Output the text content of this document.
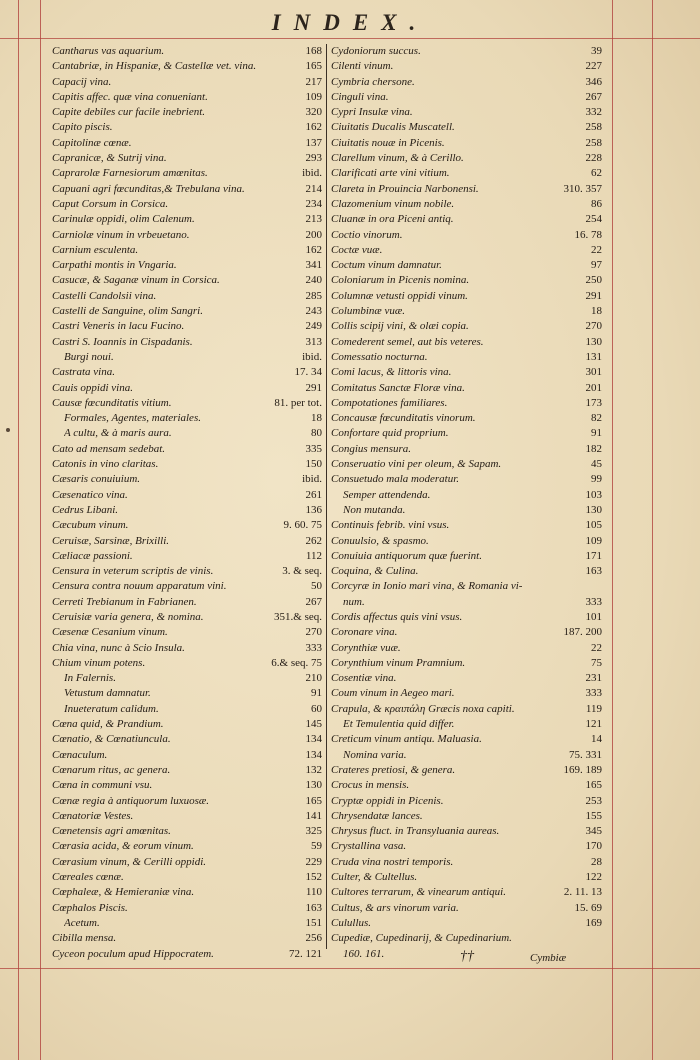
INDEX.
Cantharus vas aquarium.	168
Cantabriæ, in Hispaniæ, & Castellæ vet. vina.	165
Capacij vina.	217
Capitis affec. quæ vina conueniant.	109
Capite debiles cur facile inebrient.	320
Capito piscis.	162
Capitolinæ cœnæ.	137
Capranicæ, & Sutrij vina.	293
Caprarolæ Farnesiorum amœnitas.	ibid.
Capuani agri fœcunditas,& Trebulana vina.	214
Caput Corsum in Corsica.	234
Carinulæ oppidi, olim Calenum.	213
Carniolæ vinum in vrbeuetano.	200
Carnium esculenta.	162
Carpathi montis in Vngaria.	341
Casucæ, & Saganæ vinum in Corsica.	240
Castelli Candolsii vina.	285
Castelli de Sanguine, olim Sangri.	243
Castri Veneris in lacu Fucino.	249
Castri S. Ioannis in Cispadanis.	313
Burgi noui.	ibid.
Castrata vina.	17. 34
Cauis oppidi vina.	291
Causæ fœcunditatis vitium.	81. per tot.
Formales, Agentes, materiales.	18
A cultu, & à maris aura.	80
Cato ad mensam sedebat.	335
Catonis in vino claritas.	150
Cæsaris conuiuium.	ibid.
Cæsenatico vina.	261
Cedrus Libani.	136
Cæcubum vinum.	9. 60. 75
Ceruisæ, Sarsinæ, Brixilli.	262
Cæliacæ passioni.	112
Censura in veterum scriptis de vinis.	3. & seq.
Censura contra nouum apparatum vini.	50
Cerreti Trebianum in Fabrianen.	267
Ceruisiæ varia genera, & nomina.	351.& seq.
Cæsenæ Cesanium vinum.	270
Chia vina, nunc à Scio Insula.	333
Chium vinum potens.	6.& seq. 75
In Falernis.	210
Vetustum damnatur.	91
Inueteratum calidum.	60
Cœna quid, & Prandium.	145
Cœnatio, & Cœnatiuncula.	134
Cœnaculum.	134
Cœnarum ritus, ac genera.	132
Cœna in communi vsu.	130
Cœnæ regia à antiquorum luxuosæ.	165
Cœnatoriæ Vestes.	141
Cœnetensis agri amœnitas.	325
Cœrasia acida, & eorum vinum.	59
Cœrasium vinum, & Cerilli oppidi.	229
Cœreales cœnæ.	152
Cœphaleæ, & Hemieraniæ vina.	110
Cœphalos Piscis.	163
Acetum.	151
Cibilla mensa.	256
Cyceon poculum apud Hippocratem.	72. 121
Cydoniorum succus.	39
Cilenti vinum.	227
Cymbria chersone.	346
Cinguli vina.	267
Cypri Insulæ vina.	332
Ciuitatis Ducalis Muscatell.	258
Ciuitatis nouæ in Picenis.	258
Clarellum vinum, & à Cerillo.	228
Clarificati arte vini vitium.	62
Clareta in Prouincia Narbonensi.	310. 357
Clazomenium vinum nobile.	86
Cluanæ in ora Piceni antiq.	254
Coctio vinorum.	16. 78
Coctæ vuæ.	22
Coctum vinum damnatur.	97
Coloniarum in Picenis nomina.	250
Columnæ vetusti oppidi vinum.	291
Columbinæ vuæ.	18
Collis scipij vini, & olæi copia.	270
Comederent semel, aut bis veteres.	130
Comessatio nocturna.	131
Comi lacus, & littoris vina.	301
Comitatus Sanctæ Floræ vina.	201
Compotationes familiares.	173
Concausæ fœcunditatis vinorum.	82
Confortare quid proprium.	91
Congius mensura.	182
Conseruatio vini per oleum, & Sapam.	45
Consuetudo mala moderatur.	99
Semper attendenda.	103
Non mutanda.	130
Continuis febrib. vini vsus.	105
Conuulsio, & spasmo.	109
Conuiuia antiquorum quæ fuerint.	171
Coquina, & Culina.	163
Corcyræ in Ionio mari vina, & Romania vi-
num.	333
Cordis affectus quis vini vsus.	101
Coronare vina.	187. 200
Corynthiæ vuæ.	22
Corynthium vinum Pramnium.	75
Cosentiæ vina.	231
Coum vinum in Aegeo mari.	333
Crapula, & κραιπάλη Græcis noxa capiti.	119
Et Temulentia quid differ.	121
Creticum vinum antiqu. Maluasia.	14
Nomina varia.	75. 331
Crateres pretiosi, & genera.	169. 189
Crocus in mensis.	165
Cryptæ oppidi in Picenis.	253
Chrysendatæ lances.	155
Chrysus fluct. in Transyluania aureas.	345
Crystallina vasa.	170
Cruda vina nostri temporis.	28
Culter, & Cultellus.	122
Cultores terrarum, & vinearum antiqui.	2. 11. 13
Cultus, & ars vinorum varia.	15. 69
Culullus.	169
Cupediæ, Cupedinarij, & Cupedinarium.
160. 161.	††	Cymbiæ
